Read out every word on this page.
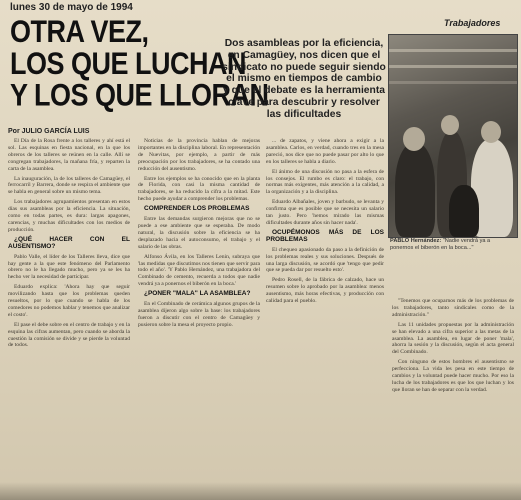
lunes 30 de mayo de 1994
OTRA VEZ,
LOS QUE LUCHAN
Y LOS QUE LLORAN
Por JULIO GARCÍA LUIS
Dos asambleas por la eficiencia, en Camagüey, nos dicen que el sindicato no puede seguir siendo el mismo en tiempos de cambio y que el debate es la herramienta clave para descubrir y resolver las dificultades
Trabajadores
PABLO Hernández: "Nadie vendrá ya a ponernos el biberón en la boca..."

El Día de la Rosa frente a los talleres y ahí está el sol. Las esquinas en fiesta nacional, en la que los obreros de los talleres se reúnen en la calle. Allí se congregan trabajadores, la mañana fría, y reparten la carta de la asamblea.

La inauguración, la de los talleres de Camagüey, el ferrocarril y Barrera, donde se respira el ambiente que se habla en general sobre un mismo tema.

Los trabajadores agrupamientos presentan en estos días sus asambleas por la eficiencia. La situación, como en todas partes, es dura: largas apagones, carencias, y muchas dificultades con los medios de producción.

¿QUÉ HACER CON EL AUSENTISMO?

Pablo Valle, el líder de los Talleres lleva, dice que hay gente a la que este fenómeno del Parlamento obrero no le ha llegado mucho, pero ya se les ha hecho ver la necesidad de participar.

Eduardo explica: 'Ahora hay que seguir movilizando hasta que los problemas queden resueltos, por lo que cuando se habla de los comedores no podemos hablar y tenemos que analizar el costo'.

El pase el debe sobre en el centro de trabajo y en la esquina las cifras aumentan, pero cuando se aborda la cuestión la comisión se divide y se pierde la voluntad de todos.

Noticias de la provincia hablan de mejoras importantes en la disciplina laboral. En representación de Nuevitas, por ejemplo, a partir de más preocupación por los trabajadores, se ha contado una reducción del ausentismo.

Entre los ejemplos se ha conocido que en la planta de Florida, con casi la misma cantidad de trabajadores, se ha reducido la cifra a la mitad. Este hecho puede ayudar a comprender los problemas.

COMPRENDER LOS PROBLEMAS

Entre las demandas surgieron mejoras que no se puede a ese ambiente que se esperaba. De modo natural, la discusión sobre la eficiencia se ha desplazado hacia el autoconsumo, el trabajo y el salario de las obras.

Alfonso Ávila, en los Talleres Lenin, subraya que 'las medidas que discutimos nos tienen que servir para todo el año'. 'Y Pablo Hernández, una trabajadora del Combinado de cemento, recuerda a todos que nadie vendrá ya a ponernos el biberón en la boca.'

¿PONER "MALA" LA ASAMBLEA?

En el Combinado de cerámica algunos grupos de la asamblea dijeron algo sobre la base: los trabajadores fueron a discutir con el centro de Camagüey y pusieron sobre la mesa el proyecto propio.

... de zapatos, y viene ahora a exigir a la asamblea. Carlos, en verdad, cuando tres en la mesa pareció, nos dice que no puede pasar por alto lo que en los talleres se habla a diario.

El ánimo de una discusión no pasa a la esfera de los consejos. El rumbo es claro: el trabajo, con normas más exigentes, más atención a la calidad, a la organización y a la disciplina.

Eduardo Albañales, joven y barbudo, se levanta y confirma que es posible que se necesita un salario tan justo. Pero 'hemos mirado las mismas dificultades durante años sin hacer nada'.

OCUPÉMONOS MÁS DE LOS PROBLEMAS

El chequeo apasionado da paso a la definición de los problemas reales y sus soluciones. Después de una larga discusión, se acordó que 'tengo que pedir que se pueda dar por resuelto esto'.

Pedro Rosell, de la fábrica de calzado, hace un resumen sobre lo aprobado por la asamblea: menos ausentismo, más horas efectivas, y producción con calidad para el pueblo.	"Tenemos que ocuparnos más de los problemas de los trabajadores, tanto sindicales como de la administración."

Las 11 unidades propuestas por la administración se han elevado a una cifra superior a las metas de la asamblea. La asamblea, en lugar de poner 'mala', ahorra la sesión y la discusión, según el acta general del Combinado.

Con ninguno de estos hombres el ausentismo se perfecciona. La vida les pesa en este tiempo de cambios y la voluntad puede hacer mucho. Por eso la lucha de los trabajadores es que los que luchan y los que lloran se han de separar con la verdad.
